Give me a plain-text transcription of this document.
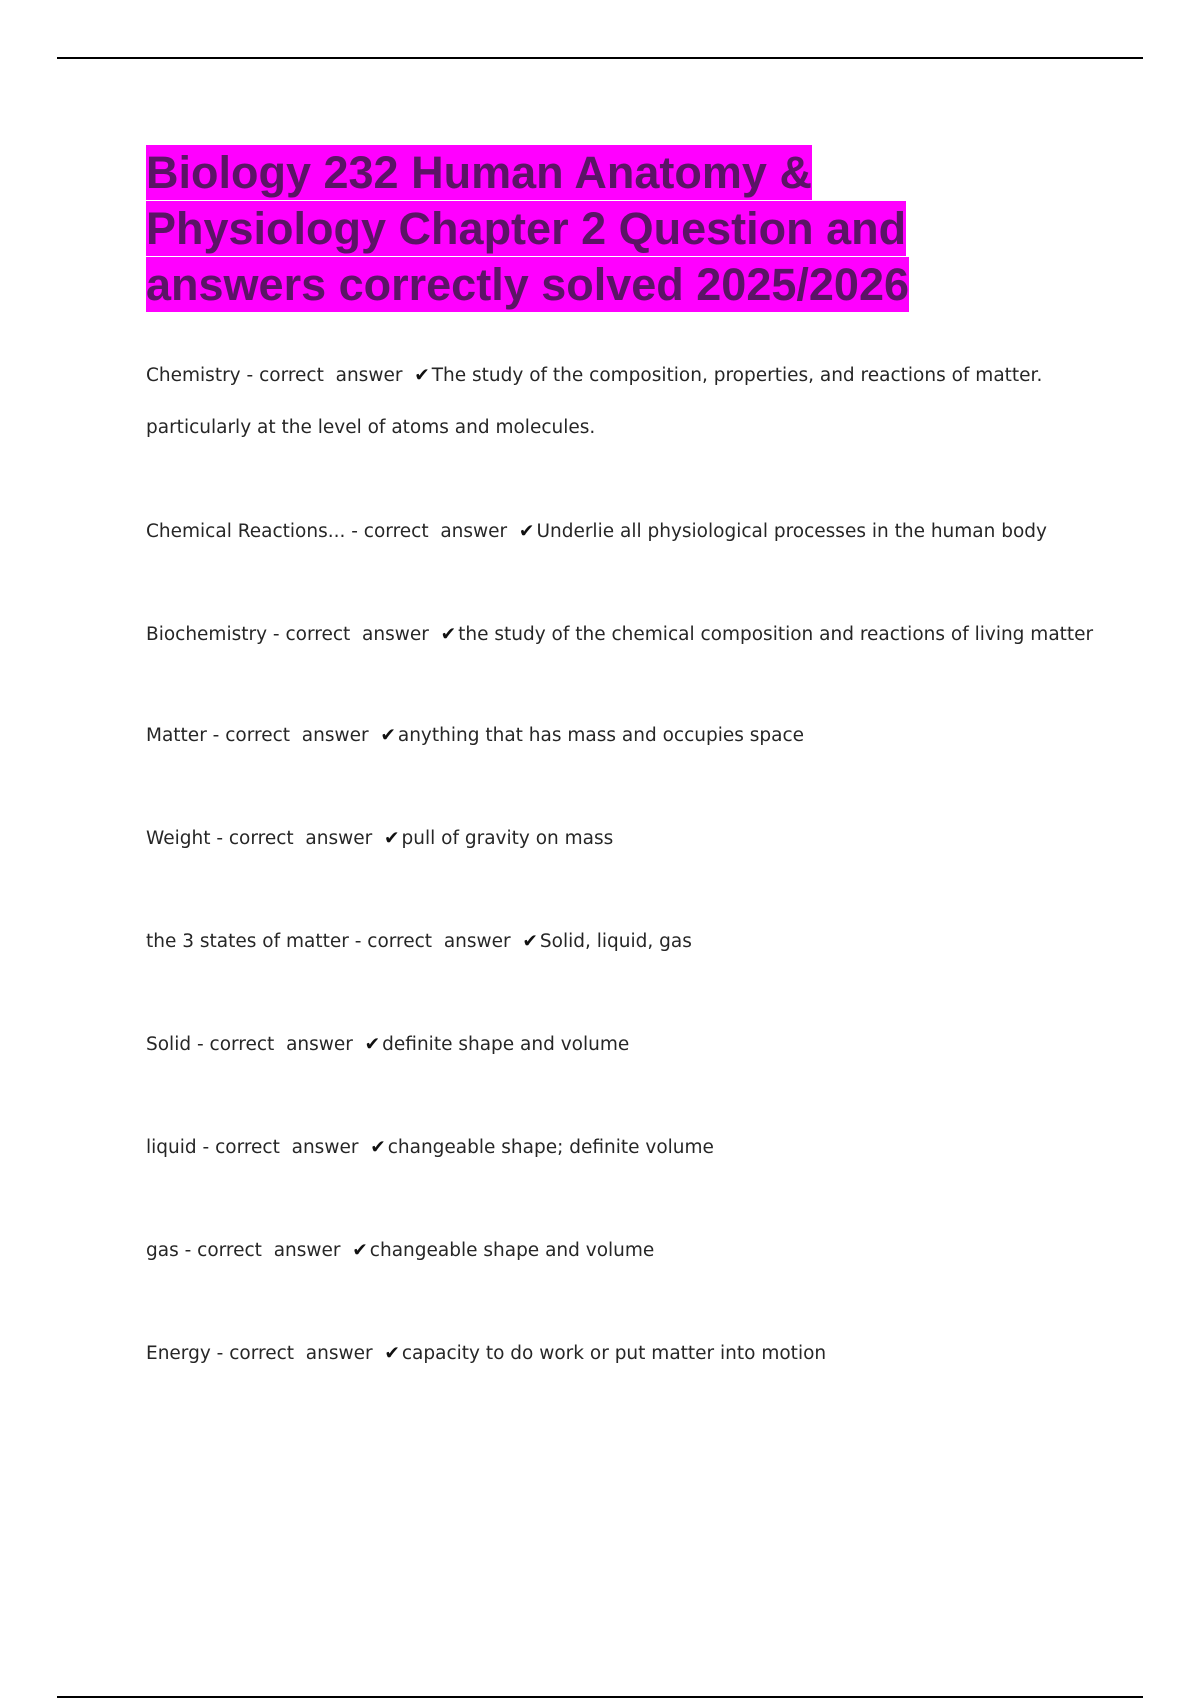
Biology 232 Human Anatomy & Physiology Chapter 2 Question and answers correctly solved 2025/2026

Chemistry - correct  answer  ✔ The study of the composition, properties, and reactions of matter. particularly at the level of atoms and molecules.

Chemical Reactions... - correct  answer  ✔ Underlie all physiological processes in the human body

Biochemistry - correct  answer  ✔ the study of the chemical composition and reactions of living matter

Matter - correct  answer  ✔ anything that has mass and occupies space

Weight - correct  answer  ✔ pull of gravity on mass

the 3 states of matter - correct  answer  ✔ Solid, liquid, gas

Solid - correct  answer  ✔ definite shape and volume

liquid - correct  answer  ✔ changeable shape; definite volume

gas - correct  answer  ✔ changeable shape and volume

Energy - correct  answer  ✔ capacity to do work or put matter into motion
